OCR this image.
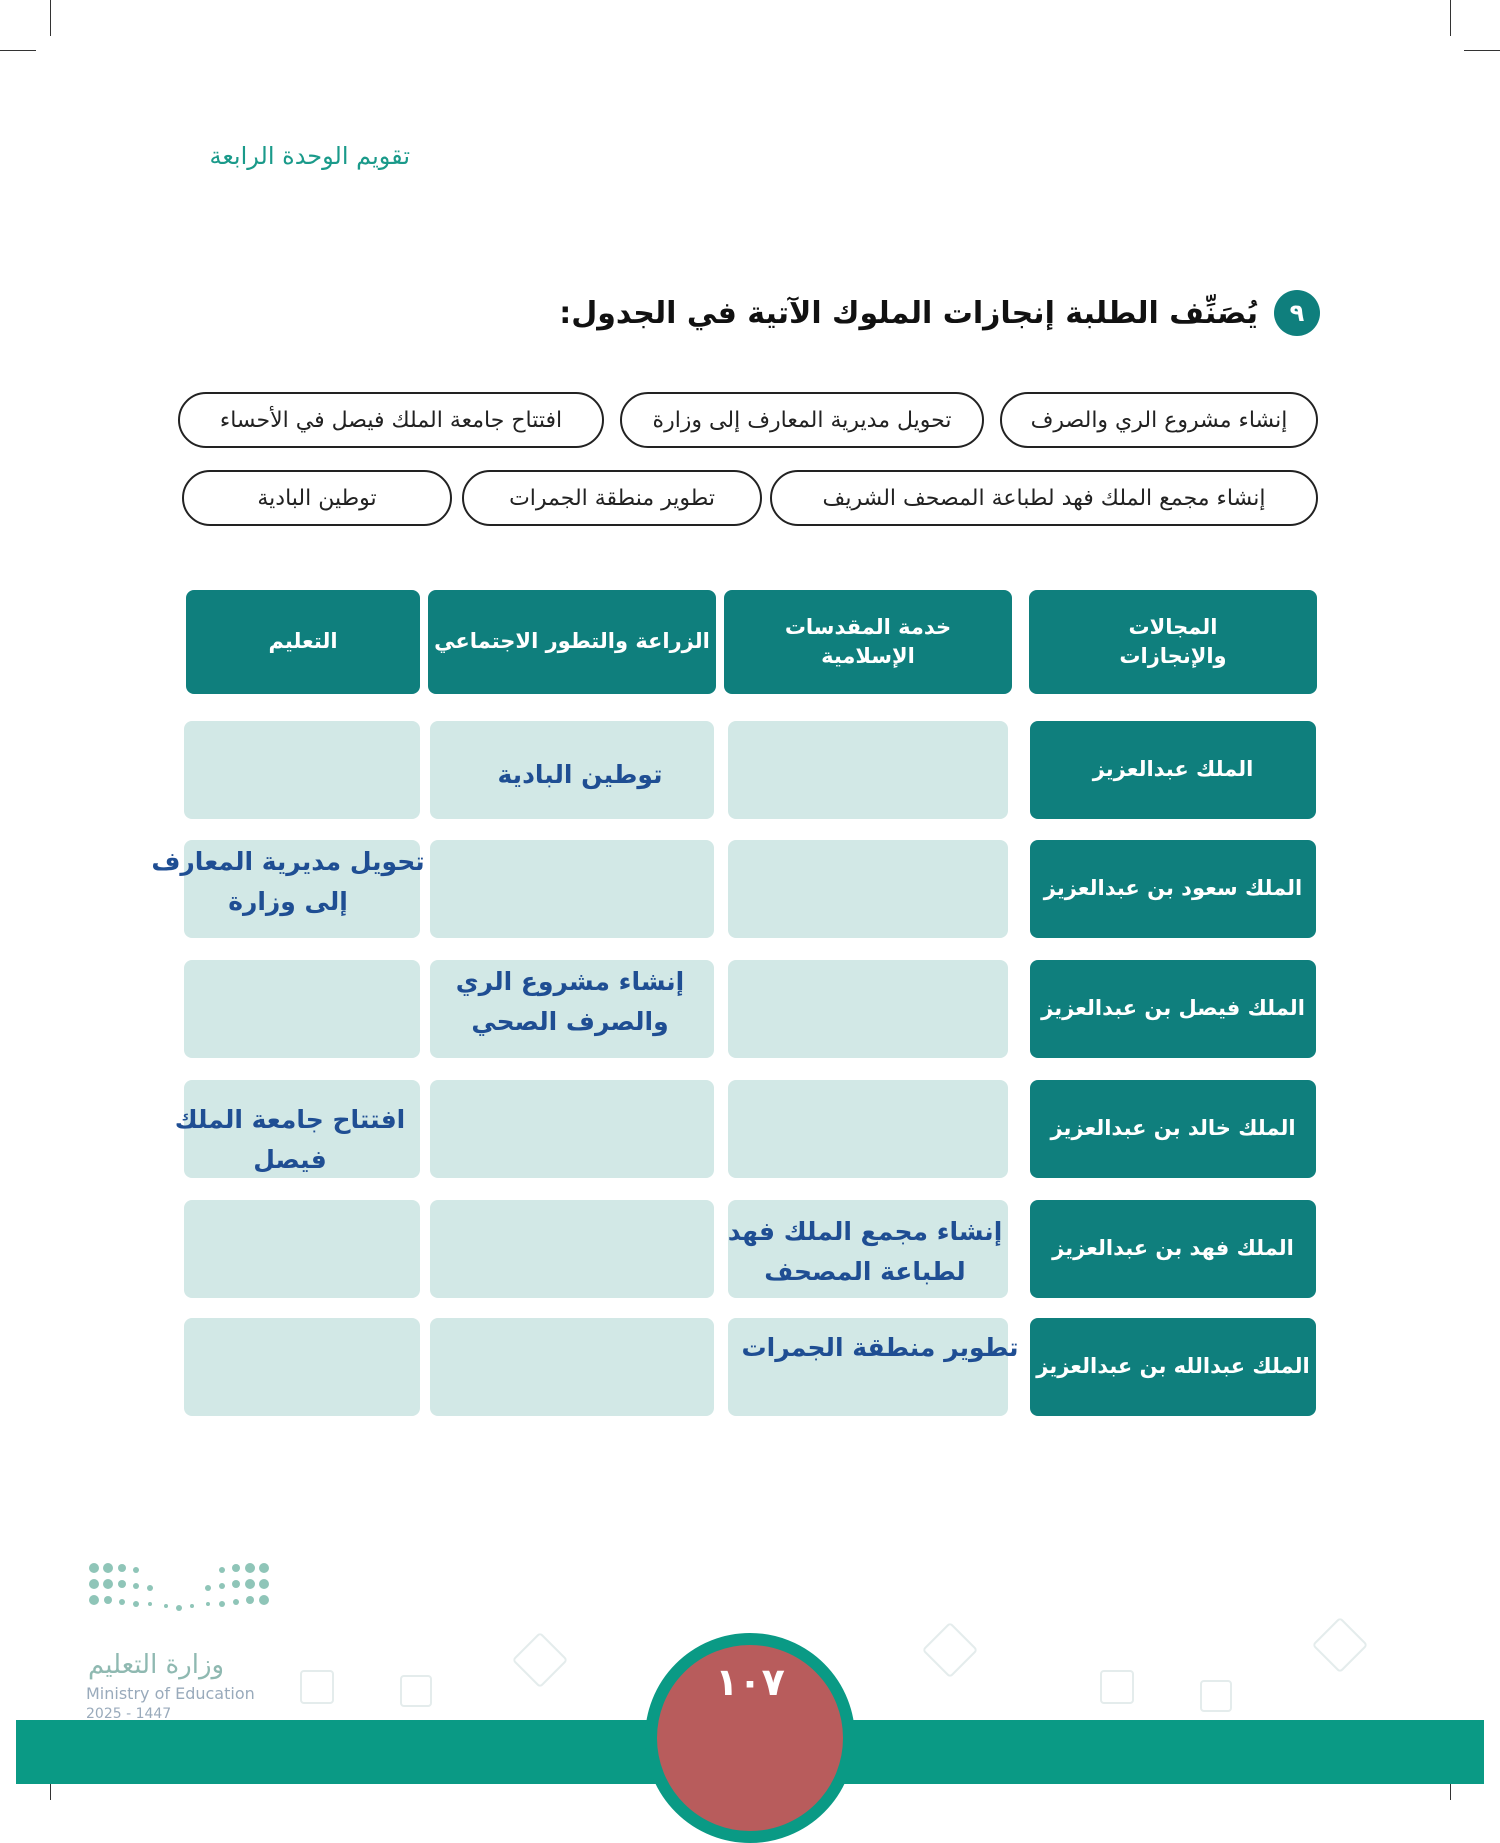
تقويم الوحدة الرابعة
٩
يُصَنِّف الطلبة إنجازات الملوك الآتية في الجدول:
إنشاء مشروع الري والصرف
تحويل مديرية المعارف إلى وزارة
افتتاح جامعة الملك فيصل في الأحساء
إنشاء مجمع الملك فهد لطباعة المصحف الشريف
تطوير منطقة الجمرات
توطين البادية
المجالات والإنجازات
خدمة المقدسات الإسلامية
الزراعة والتطور الاجتماعي
التعليم
الملك عبدالعزيز
الملك سعود بن عبدالعزيز
الملك فيصل بن عبدالعزيز
الملك خالد بن عبدالعزيز
الملك فهد بن عبدالعزيز
الملك عبدالله بن عبدالعزيز
توطين البادية
تحويل مديرية المعارف إلى وزارة
إنشاء مشروع الري والصرف الصحي
افتتاح جامعة الملك فيصل
إنشاء مجمع الملك فهد لطباعة المصحف
تطوير منطقة الجمرات
١٠٧
وزارة التعليم
Ministry of Education
2025 - 1447
